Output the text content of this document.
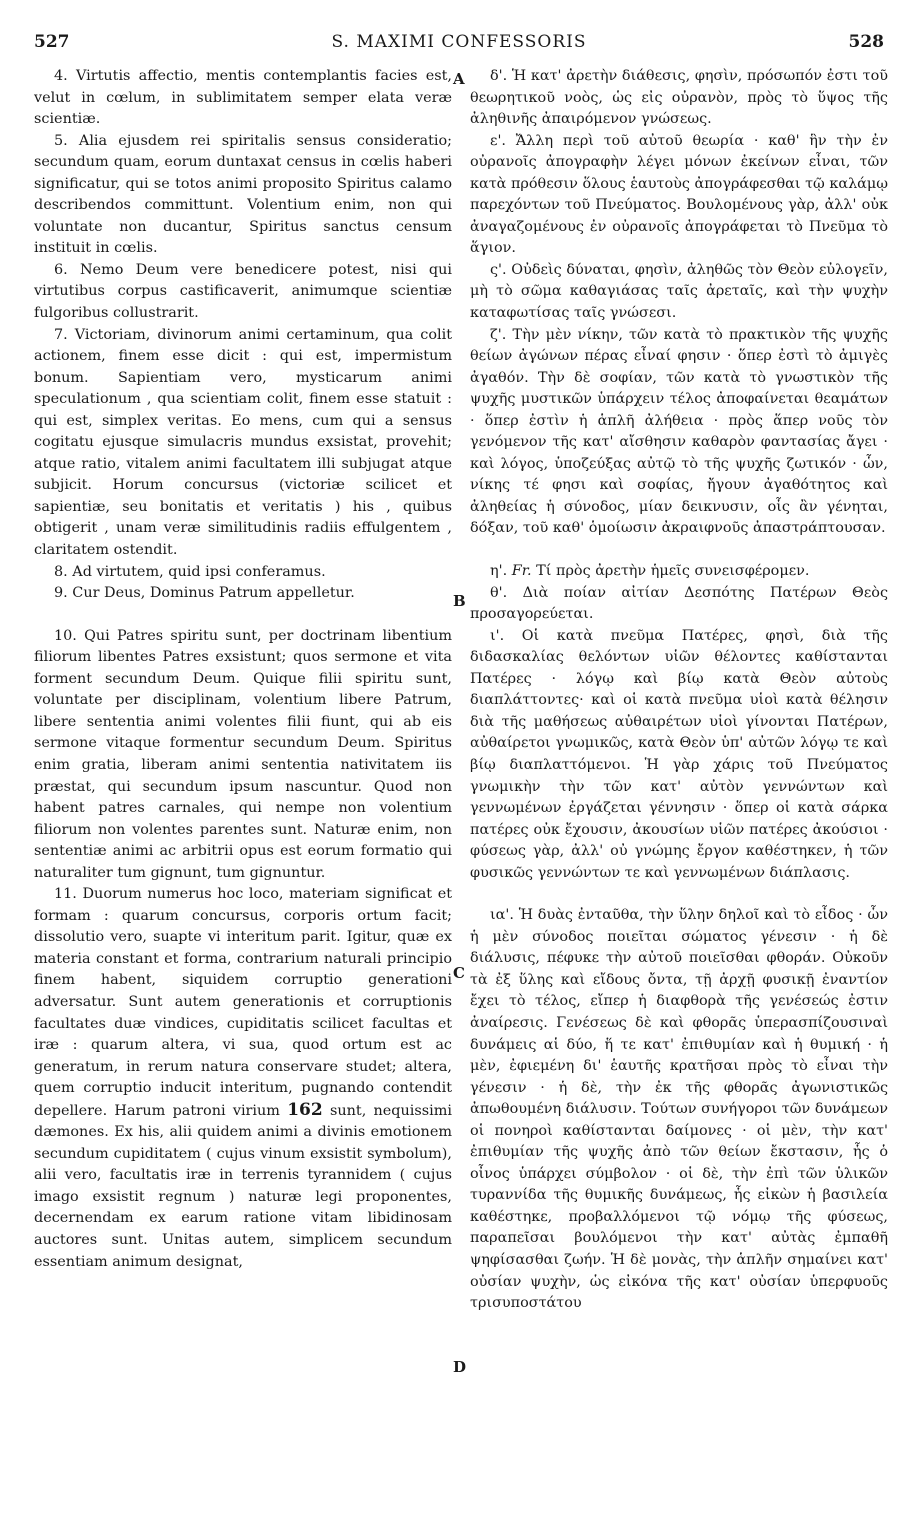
527	S. MAXIMI CONFESSORIS	528
A
B
C
D

4. Virtutis affectio, mentis contemplantis facies est, velut in cœlum, in sublimitatem semper elata veræ scientiæ.

5. Alia ejusdem rei spiritalis sensus consideratio; secundum quam, eorum duntaxat census in cœlis haberi significatur, qui se totos animi proposito Spiritus calamo describendos committunt. Volentium enim, non qui voluntate non ducantur, Spiritus sanctus censum instituit in cœlis.

6. Nemo Deum vere benedicere potest, nisi qui virtutibus corpus castificaverit, animumque scientiæ fulgoribus collustrarit.

7. Victoriam, divinorum animi certaminum, qua colit actionem, finem esse dicit : qui est, impermistum bonum. Sapientiam vero, mysticarum animi speculationum , qua scientiam colit, finem esse statuit : qui est, simplex veritas. Eo mens, cum qui a sensus cogitatu ejusque simulacris mundus exsistat, provehit; atque ratio, vitalem animi facultatem illi subjugat atque subjicit. Horum concursus (victoriæ scilicet et sapientiæ, seu bonitatis et veritatis ) his , quibus obtigerit , unam veræ similitudinis radiis effulgentem , claritatem ostendit.

8. Ad virtutem, quid ipsi conferamus.

9. Cur Deus, Dominus Patrum appelletur.

10. Qui Patres spiritu sunt, per doctrinam libentium filiorum libentes Patres exsistunt; quos sermone et vita forment secundum Deum. Quique filii spiritu sunt, voluntate per disciplinam, volentium libere Patrum, libere sententia animi volentes filii fiunt, qui ab eis sermone vitaque formentur secundum Deum. Spiritus enim gratia, liberam animi sententia nativitatem iis præstat, qui secundum ipsum nascuntur. Quod non habent patres carnales, qui nempe non volentium filiorum non volentes parentes sunt. Naturæ enim, non sententiæ animi ac arbitrii opus est eorum formatio qui naturaliter tum gignunt, tum gignuntur.

11. Duorum numerus hoc loco, materiam significat et formam : quarum concursus, corporis ortum facit; dissolutio vero, suapte vi interitum parit. Igitur, quæ ex materia constant et forma, contrarium naturali principio finem habent, siquidem corruptio generationi adversatur. Sunt autem generationis et corruptionis facultates duæ vindices, cupiditatis scilicet facultas et iræ : quarum altera, vi sua, quod ortum est ac generatum, in rerum natura conservare studet; altera, quem corruptio inducit interitum, pugnando contendit depellere. Harum patroni virium 162 sunt, nequissimi dæmones. Ex his, alii quidem animi a divinis emotionem secundum cupiditatem ( cujus vinum exsistit symbolum), alii vero, facultatis iræ in terrenis tyrannidem ( cujus imago exsistit regnum ) naturæ legi proponentes, decernendam ex earum ratione vitam libidinosam auctores sunt. Unitas autem, simplicem secundum essentiam animum designat,

δ'. Ἡ κατ' ἀρετὴν διάθεσις, φησὶν, πρόσωπόν ἐστι τοῦ θεωρητικοῦ νοὸς, ὡς εἰς οὐρανὸν, πρὸς τὸ ὕψος τῆς ἀληθινῆς ἀπαιρόμενον γνώσεως.

ε'. Ἄλλη περὶ τοῦ αὐτοῦ θεωρία · καθ' ἣν τὴν ἐν οὐρανοῖς ἀπογραφὴν λέγει μόνων ἐκείνων εἶναι, τῶν κατὰ πρόθεσιν ὅλους ἑαυτοὺς ἀπογράφεσθαι τῷ καλάμῳ παρεχόντων τοῦ Πνεύματος. Βουλομένους γὰρ, ἀλλ' οὐκ ἀναγαζομένους ἐν οὐρανοῖς ἀπογράφεται τὸ Πνεῦμα τὸ ἅγιον.

ς'. Οὐδεὶς δύναται, φησὶν, ἀληθῶς τὸν Θεὸν εὐλογεῖν, μὴ τὸ σῶμα καθαγιάσας ταῖς ἀρεταῖς, καὶ τὴν ψυχὴν καταφωτίσας ταῖς γνώσεσι.

ζ'. Τὴν μὲν νίκην, τῶν κατὰ τὸ πρακτικὸν τῆς ψυχῆς θείων ἀγώνων πέρας εἶναί φησιν · ὅπερ ἐστὶ τὸ ἀμιγὲς ἀγαθόν. Τὴν δὲ σοφίαν, τῶν κατὰ τὸ γνωστικὸν τῆς ψυχῆς μυστικῶν ὑπάρχειν τέλος ἀποφαίνεται θεαμάτων · ὅπερ ἐστὶν ἡ ἁπλῆ ἀλήθεια · πρὸς ἅπερ νοῦς τὸν γενόμενον τῆς κατ' αἴσθησιν καθαρὸν φαντασίας ἄγει · καὶ λόγος, ὑποζεύξας αὐτῷ τὸ τῆς ψυχῆς ζωτικόν · ὧν, νίκης τέ φησι καὶ σοφίας, ἤγουν ἀγαθότητος καὶ ἀληθείας ἡ σύνοδος, μίαν δεικνυσιν, οἷς ἂν γένηται, δόξαν, τοῦ καθ' ὁμοίωσιν ἀκραιφνοῦς ἀπαστράπτουσαν.

η'. Fr. Τί πρὸς ἀρετὴν ἡμεῖς συνεισφέρομεν.

θ'. Διὰ ποίαν αἰτίαν Δεσπότης Πατέρων Θεὸς προσαγορεύεται.

ι'. Οἱ κατὰ πνεῦμα Πατέρες, φησὶ, διὰ τῆς διδασκαλίας θελόντων υἱῶν θέλοντες καθίστανται Πατέρες · λόγῳ καὶ βίῳ κατὰ Θεὸν αὐτοὺς διαπλάττοντες· καὶ οἱ κατὰ πνεῦμα υἱοὶ κατὰ θέλησιν διὰ τῆς μαθήσεως αὐθαιρέτων υἱοὶ γίνονται Πατέρων, αὐθαίρετοι γνωμικῶς, κατὰ Θεὸν ὑπ' αὐτῶν λόγῳ τε καὶ βίῳ διαπλαττόμενοι. Ἡ γὰρ χάρις τοῦ Πνεύματος γνωμικὴν τὴν τῶν κατ' αὐτὸν γεννώντων καὶ γεννωμένων ἐργάζεται γέννησιν · ὅπερ οἱ κατὰ σάρκα πατέρες οὐκ ἔχουσιν, ἀκουσίων υἱῶν πατέρες ἀκούσιοι · φύσεως γὰρ, ἀλλ' οὐ γνώμης ἔργον καθέστηκεν, ἡ τῶν φυσικῶς γεννώντων τε καὶ γεννωμένων διάπλασις.

ια'. Ἡ δυὰς ἐνταῦθα, τὴν ὕλην δηλοῖ καὶ τὸ εἶδος · ὧν ἡ μὲν σύνοδος ποιεῖται σώματος γένεσιν · ἡ δὲ διάλυσις, πέφυκε τὴν αὐτοῦ ποιεῖσθαι φθοράν. Οὐκοῦν τὰ ἐξ ὕλης καὶ εἴδους ὄντα, τῇ ἀρχῇ φυσικῇ ἐναντίον ἔχει τὸ τέλος, εἴπερ ἡ διαφθορὰ τῆς γενέσεώς ἐστιν ἀναίρεσις. Γενέσεως δὲ καὶ φθορᾶς ὑπερασπίζουσιναὶ δυνάμεις αἱ δύο, ἥ τε κατ' ἐπιθυμίαν καὶ ἡ θυμική · ἡ μὲν, ἐφιεμένη δι' ἑαυτῆς κρατῆσαι πρὸς τὸ εἶναι τὴν γένεσιν · ἡ δὲ, τὴν ἐκ τῆς φθορᾶς ἀγωνιστικῶς ἀπωθουμένη διάλυσιν. Τούτων συνήγοροι τῶν δυνάμεων οἱ πονηροὶ καθίστανται δαίμονες · οἱ μὲν, τὴν κατ' ἐπιθυμίαν τῆς ψυχῆς ἀπὸ τῶν θείων ἔκστασιν, ἧς ὁ οἶνος ὑπάρχει σύμβολον · οἱ δὲ, τὴν ἐπὶ τῶν ὑλικῶν τυραννίδα τῆς θυμικῆς δυνάμεως, ἧς εἰκὼν ἡ βασιλεία καθέστηκε, προβαλλόμενοι τῷ νόμῳ τῆς φύσεως, παραπεῖσαι βουλόμενοι τὴν κατ' αὐτὰς ἐμπαθῆ ψηφίσασθαι ζωήν. Ἡ δὲ μονὰς, τὴν ἁπλῆν σημαίνει κατ' οὐσίαν ψυχὴν, ὡς εἰκόνα τῆς κατ' οὐσίαν ὑπερφυοῦς τρισυποστάτου
